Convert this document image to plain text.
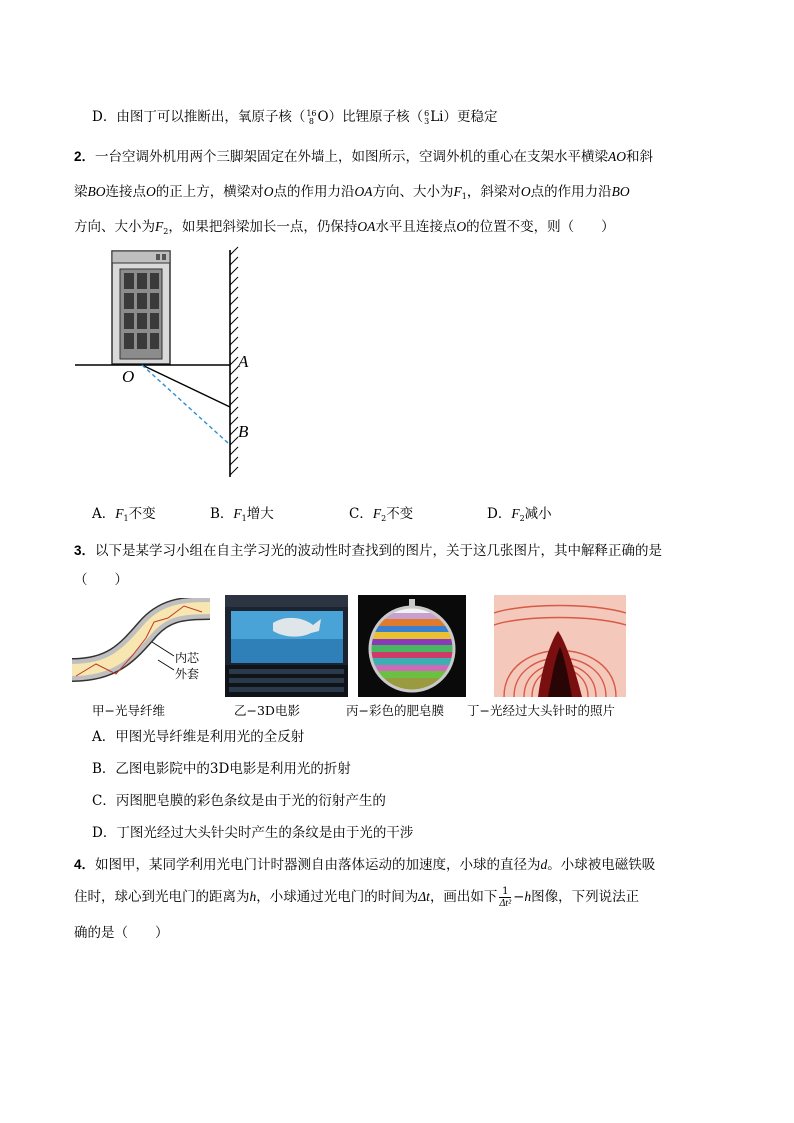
D．由图丁可以推断出，氧原子核（16
8 O）比锂原子核（6
3Li）更稳定
2．一台空调外机用两个三脚架固定在外墙上，如图所示，空调外机的重心在支架水平横梁AO和斜
梁BO连接点O的正上方，横梁对O点的作用力沿OA方向、大小为$F_1$，斜梁对O点的作用力沿BO
方向、大小为$F_2$，如果把斜梁加长一点，仍保持OA水平且连接点O的位置不变，则（　　）
O
A
B
A．$F_1$不变	B．$F_1$增大	C．$F_2$不变	D．$F_2$减小
3．以下是某学习小组在自主学习光的波动性时查找到的图片，关于这几张图片，其中解释正确的是
（　　）
内芯
外套
甲−光导纤维	乙−3D电影	丙−彩色的肥皂膜 丁−光经过大头针时的照片
A．甲图光导纤维是利用光的全反射
B．乙图电影院中的3D电影是利用光的折射
C．丙图肥皂膜的彩色条纹是由于光的衍射产生的
D．丁图光经过大头针尖时产生的条纹是由于光的干涉
4．如图甲，某同学利用光电门计时器测自由落体运动的加速度，小球的直径为d。小球被电磁铁吸
住时，球心到光电门的距离为h，小球通过光电门的时间为Δt，画出如下 $\frac{1}{\text{Δt²}} -h$图像，下列说法正
确的是（　　）
